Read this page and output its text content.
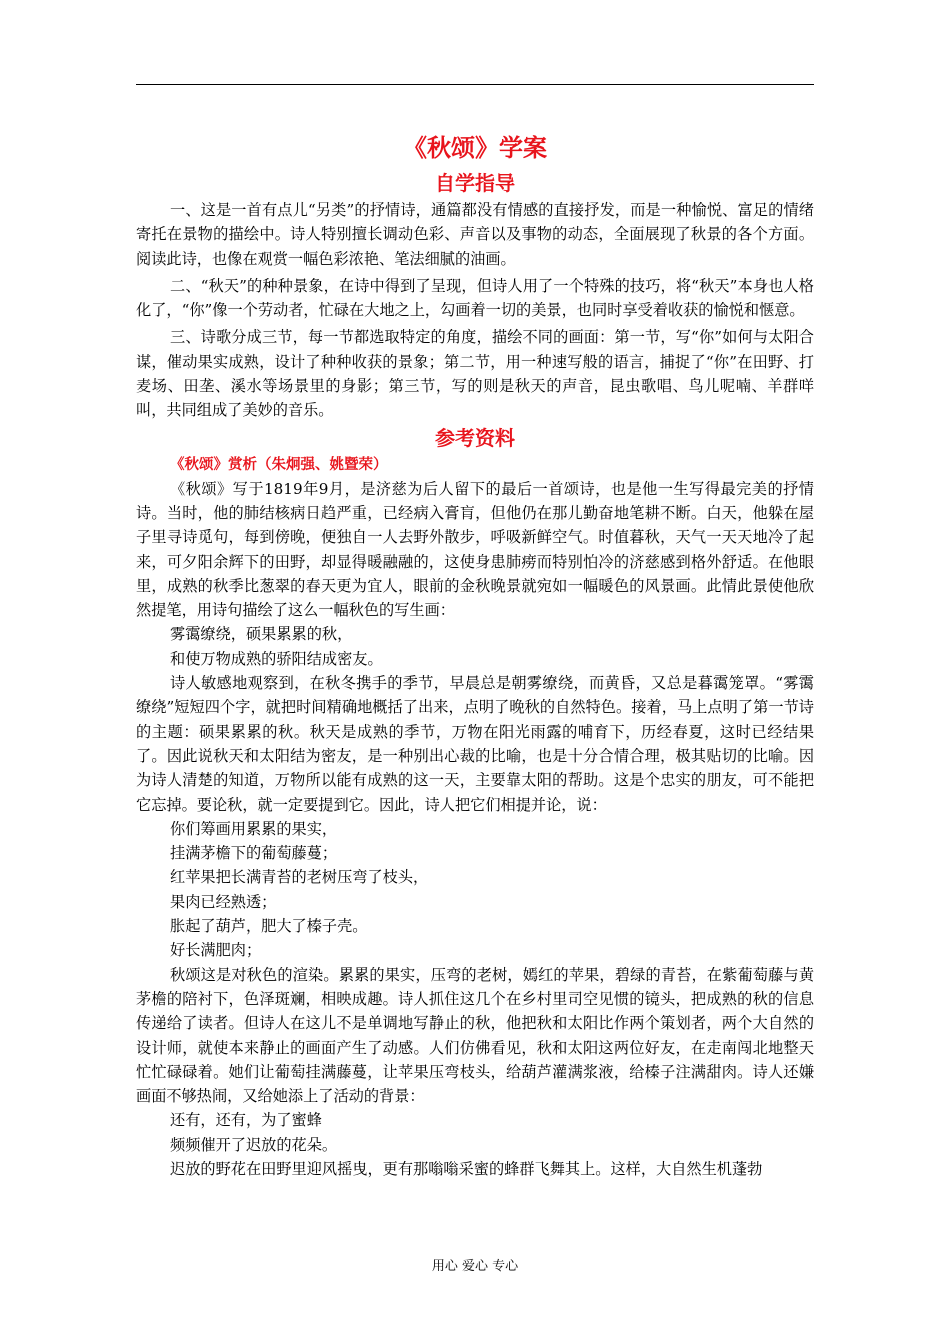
《秋颂》学案
自学指导

一、这是一首有点儿“另类”的抒情诗，通篇都没有情感的直接抒发，而是一种愉悦、富足的情绪寄托在景物的描绘中。诗人特别擅长调动色彩、声音以及事物的动态，全面展现了秋景的各个方面。阅读此诗，也像在观赏一幅色彩浓艳、笔法细腻的油画。

二、“秋天”的种种景象，在诗中得到了呈现，但诗人用了一个特殊的技巧，将“秋天”本身也人格化了，“你”像一个劳动者，忙碌在大地之上，勾画着一切的美景，也同时享受着收获的愉悦和惬意。

三、诗歌分成三节，每一节都选取特定的角度，描绘不同的画面：第一节，写“你”如何与太阳合谋，催动果实成熟，设计了种种收获的景象；第二节，用一种速写般的语言，捕捉了“你”在田野、打麦场、田垄、溪水等场景里的身影；第三节，写的则是秋天的声音，昆虫歌唱、鸟儿呢喃、羊群咩叫，共同组成了美妙的音乐。

参考资料

《秋颂》赏析（朱炯强、姚暨荣）

《秋颂》写于1819年9月，是济慈为后人留下的最后一首颂诗，也是他一生写得最完美的抒情诗。当时，他的肺结核病日趋严重，已经病入膏肓，但他仍在那儿勤奋地笔耕不断。白天，他躲在屋子里寻诗觅句，每到傍晚，便独自一人去野外散步，呼吸新鲜空气。时值暮秋，天气一天天地冷了起来，可夕阳余辉下的田野，却显得暖融融的，这使身患肺痨而特别怕冷的济慈感到格外舒适。在他眼里，成熟的秋季比葱翠的春天更为宜人，眼前的金秋晚景就宛如一幅暖色的风景画。此情此景使他欣然提笔，用诗句描绘了这么一幅秋色的写生画：

雾霭缭绕，硕果累累的秋，

和使万物成熟的骄阳结成密友。

诗人敏感地观察到，在秋冬携手的季节，早晨总是朝雾缭绕，而黄昏，又总是暮霭笼罩。“雾霭缭绕”短短四个字，就把时间精确地概括了出来，点明了晚秋的自然特色。接着，马上点明了第一节诗的主题：硕果累累的秋。秋天是成熟的季节，万物在阳光雨露的哺育下，历经春夏，这时已经结果了。因此说秋天和太阳结为密友，是一种别出心裁的比喻，也是十分合情合理，极其贴切的比喻。因为诗人清楚的知道，万物所以能有成熟的这一天，主要靠太阳的帮助。这是个忠实的朋友，可不能把它忘掉。要论秋，就一定要提到它。因此，诗人把它们相提并论，说：

你们筹画用累累的果实，

挂满茅檐下的葡萄藤蔓；

红苹果把长满青苔的老树压弯了枝头，

果肉已经熟透；

胀起了葫芦，肥大了榛子壳。

好长满肥肉；

秋颂这是对秋色的渲染。累累的果实，压弯的老树，嫣红的苹果，碧绿的青苔，在紫葡萄藤与黄茅檐的陪衬下，色泽斑斓，相映成趣。诗人抓住这几个在乡村里司空见惯的镜头，把成熟的秋的信息传递给了读者。但诗人在这儿不是单调地写静止的秋，他把秋和太阳比作两个策划者，两个大自然的设计师，就使本来静止的画面产生了动感。人们仿佛看见，秋和太阳这两位好友，在走南闯北地整天忙忙碌碌着。她们让葡萄挂满藤蔓，让苹果压弯枝头，给葫芦灌满浆液，给榛子注满甜肉。诗人还嫌画面不够热闹，又给她添上了活动的背景：

还有，还有，为了蜜蜂

频频催开了迟放的花朵。

迟放的野花在田野里迎风摇曳，更有那嗡嗡采蜜的蜂群飞舞其上。这样，大自然生机蓬勃

用心 爱心 专心
